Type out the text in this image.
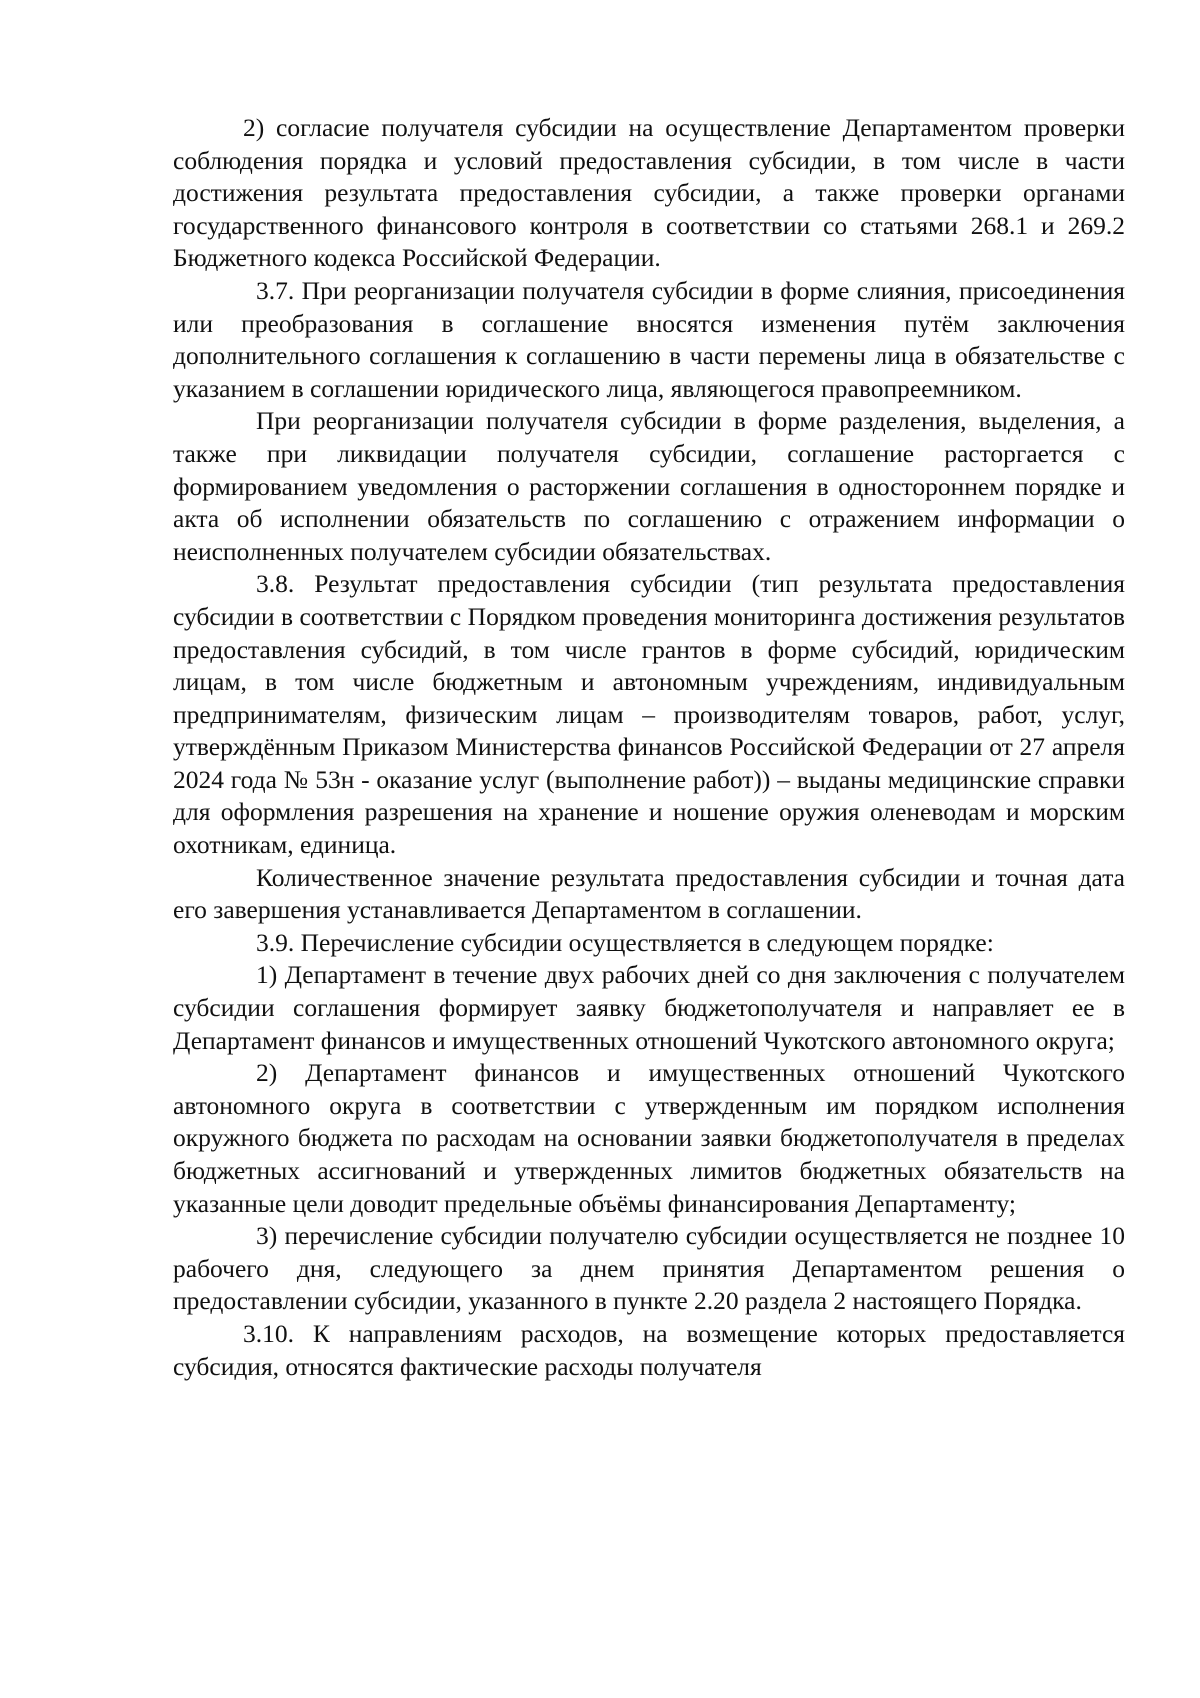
2) согласие получателя субсидии на осуществление Департаментом проверки соблюдения порядка и условий предоставления субсидии, в том числе в части достижения результата предоставления субсидии, а также проверки органами государственного финансового контроля в соответствии со статьями 268.1 и 269.2 Бюджетного кодекса Российской Федерации.

3.7. При реорганизации получателя субсидии в форме слияния, присоединения или преобразования в соглашение вносятся изменения путём заключения дополнительного соглашения к соглашению в части перемены лица в обязательстве с указанием в соглашении юридического лица, являющегося правопреемником.

При реорганизации получателя субсидии в форме разделения, выделения, а также при ликвидации получателя субсидии, соглашение расторгается с формированием уведомления о расторжении соглашения в одностороннем порядке и акта об исполнении обязательств по соглашению с отражением информации о неисполненных получателем субсидии обязательствах.

3.8. Результат предоставления субсидии (тип результата предоставления субсидии в соответствии с Порядком проведения мониторинга достижения результатов предоставления субсидий, в том числе грантов в форме субсидий, юридическим лицам, в том числе бюджетным и автономным учреждениям, индивидуальным предпринимателям, физическим лицам – производителям товаров, работ, услуг, утверждённым Приказом Министерства финансов Российской Федерации от 27 апреля 2024 года № 53н - оказание услуг (выполнение работ)) – выданы медицинские справки для оформления разрешения на хранение и ношение оружия оленеводам и морским охотникам, единица.

Количественное значение результата предоставления субсидии и точная дата его завершения устанавливается Департаментом в соглашении.

3.9. Перечисление субсидии осуществляется в следующем порядке:

1) Департамент в течение двух рабочих дней со дня заключения с получателем субсидии соглашения формирует заявку бюджетополучателя и направляет ее в Департамент финансов и имущественных отношений Чукотского автономного округа;

2) Департамент финансов и имущественных отношений Чукотского автономного округа в соответствии с утвержденным им порядком исполнения окружного бюджета по расходам на основании заявки бюджетополучателя в пределах бюджетных ассигнований и утвержденных лимитов бюджетных обязательств на указанные цели доводит предельные объёмы финансирования Департаменту;

3) перечисление субсидии получателю субсидии осуществляется не позднее 10 рабочего дня, следующего за днем принятия Департаментом решения о предоставлении субсидии, указанного в пункте 2.20 раздела 2 настоящего Порядка.

3.10. К направлениям расходов, на возмещение которых предоставляется субсидия, относятся фактические расходы получателя
